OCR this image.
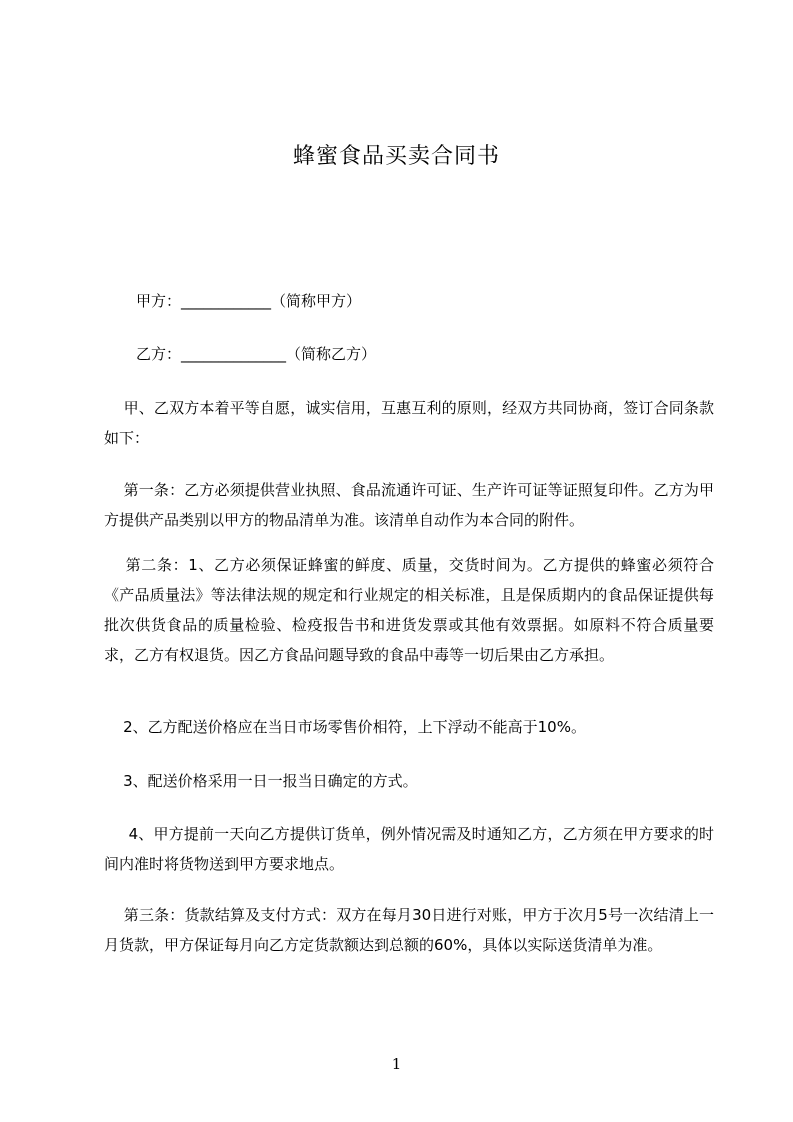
蜂蜜食品买卖合同书
甲方：____________（简称甲方）
乙方：______________（简称乙方）
甲、乙双方本着平等自愿，诚实信用，互惠互利的原则，经双方共同协商，签订合同条款如下：
第一条：乙方必须提供营业执照、食品流通许可证、生产许可证等证照复印件。乙方为甲方提供产品类别以甲方的物品清单为准。该清单自动作为本合同的附件。
第二条：1、乙方必须保证蜂蜜的鲜度、质量，交货时间为。乙方提供的蜂蜜必须符合《产品质量法》等法律法规的规定和行业规定的相关标准，且是保质期内的食品保证提供每批次供货食品的质量检验、检疫报告书和进货发票或其他有效票据。如原料不符合质量要求，乙方有权退货。因乙方食品问题导致的食品中毒等一切后果由乙方承担。
2、乙方配送价格应在当日市场零售价相符，上下浮动不能高于10%。
3、配送价格采用一日一报当日确定的方式。
4、甲方提前一天向乙方提供订货单，例外情况需及时通知乙方，乙方须在甲方要求的时间内准时将货物送到甲方要求地点。
第三条：货款结算及支付方式：双方在每月30日进行对账，甲方于次月5号一次结清上一月货款，甲方保证每月向乙方定货款额达到总额的60%，具体以实际送货清单为准。
1
